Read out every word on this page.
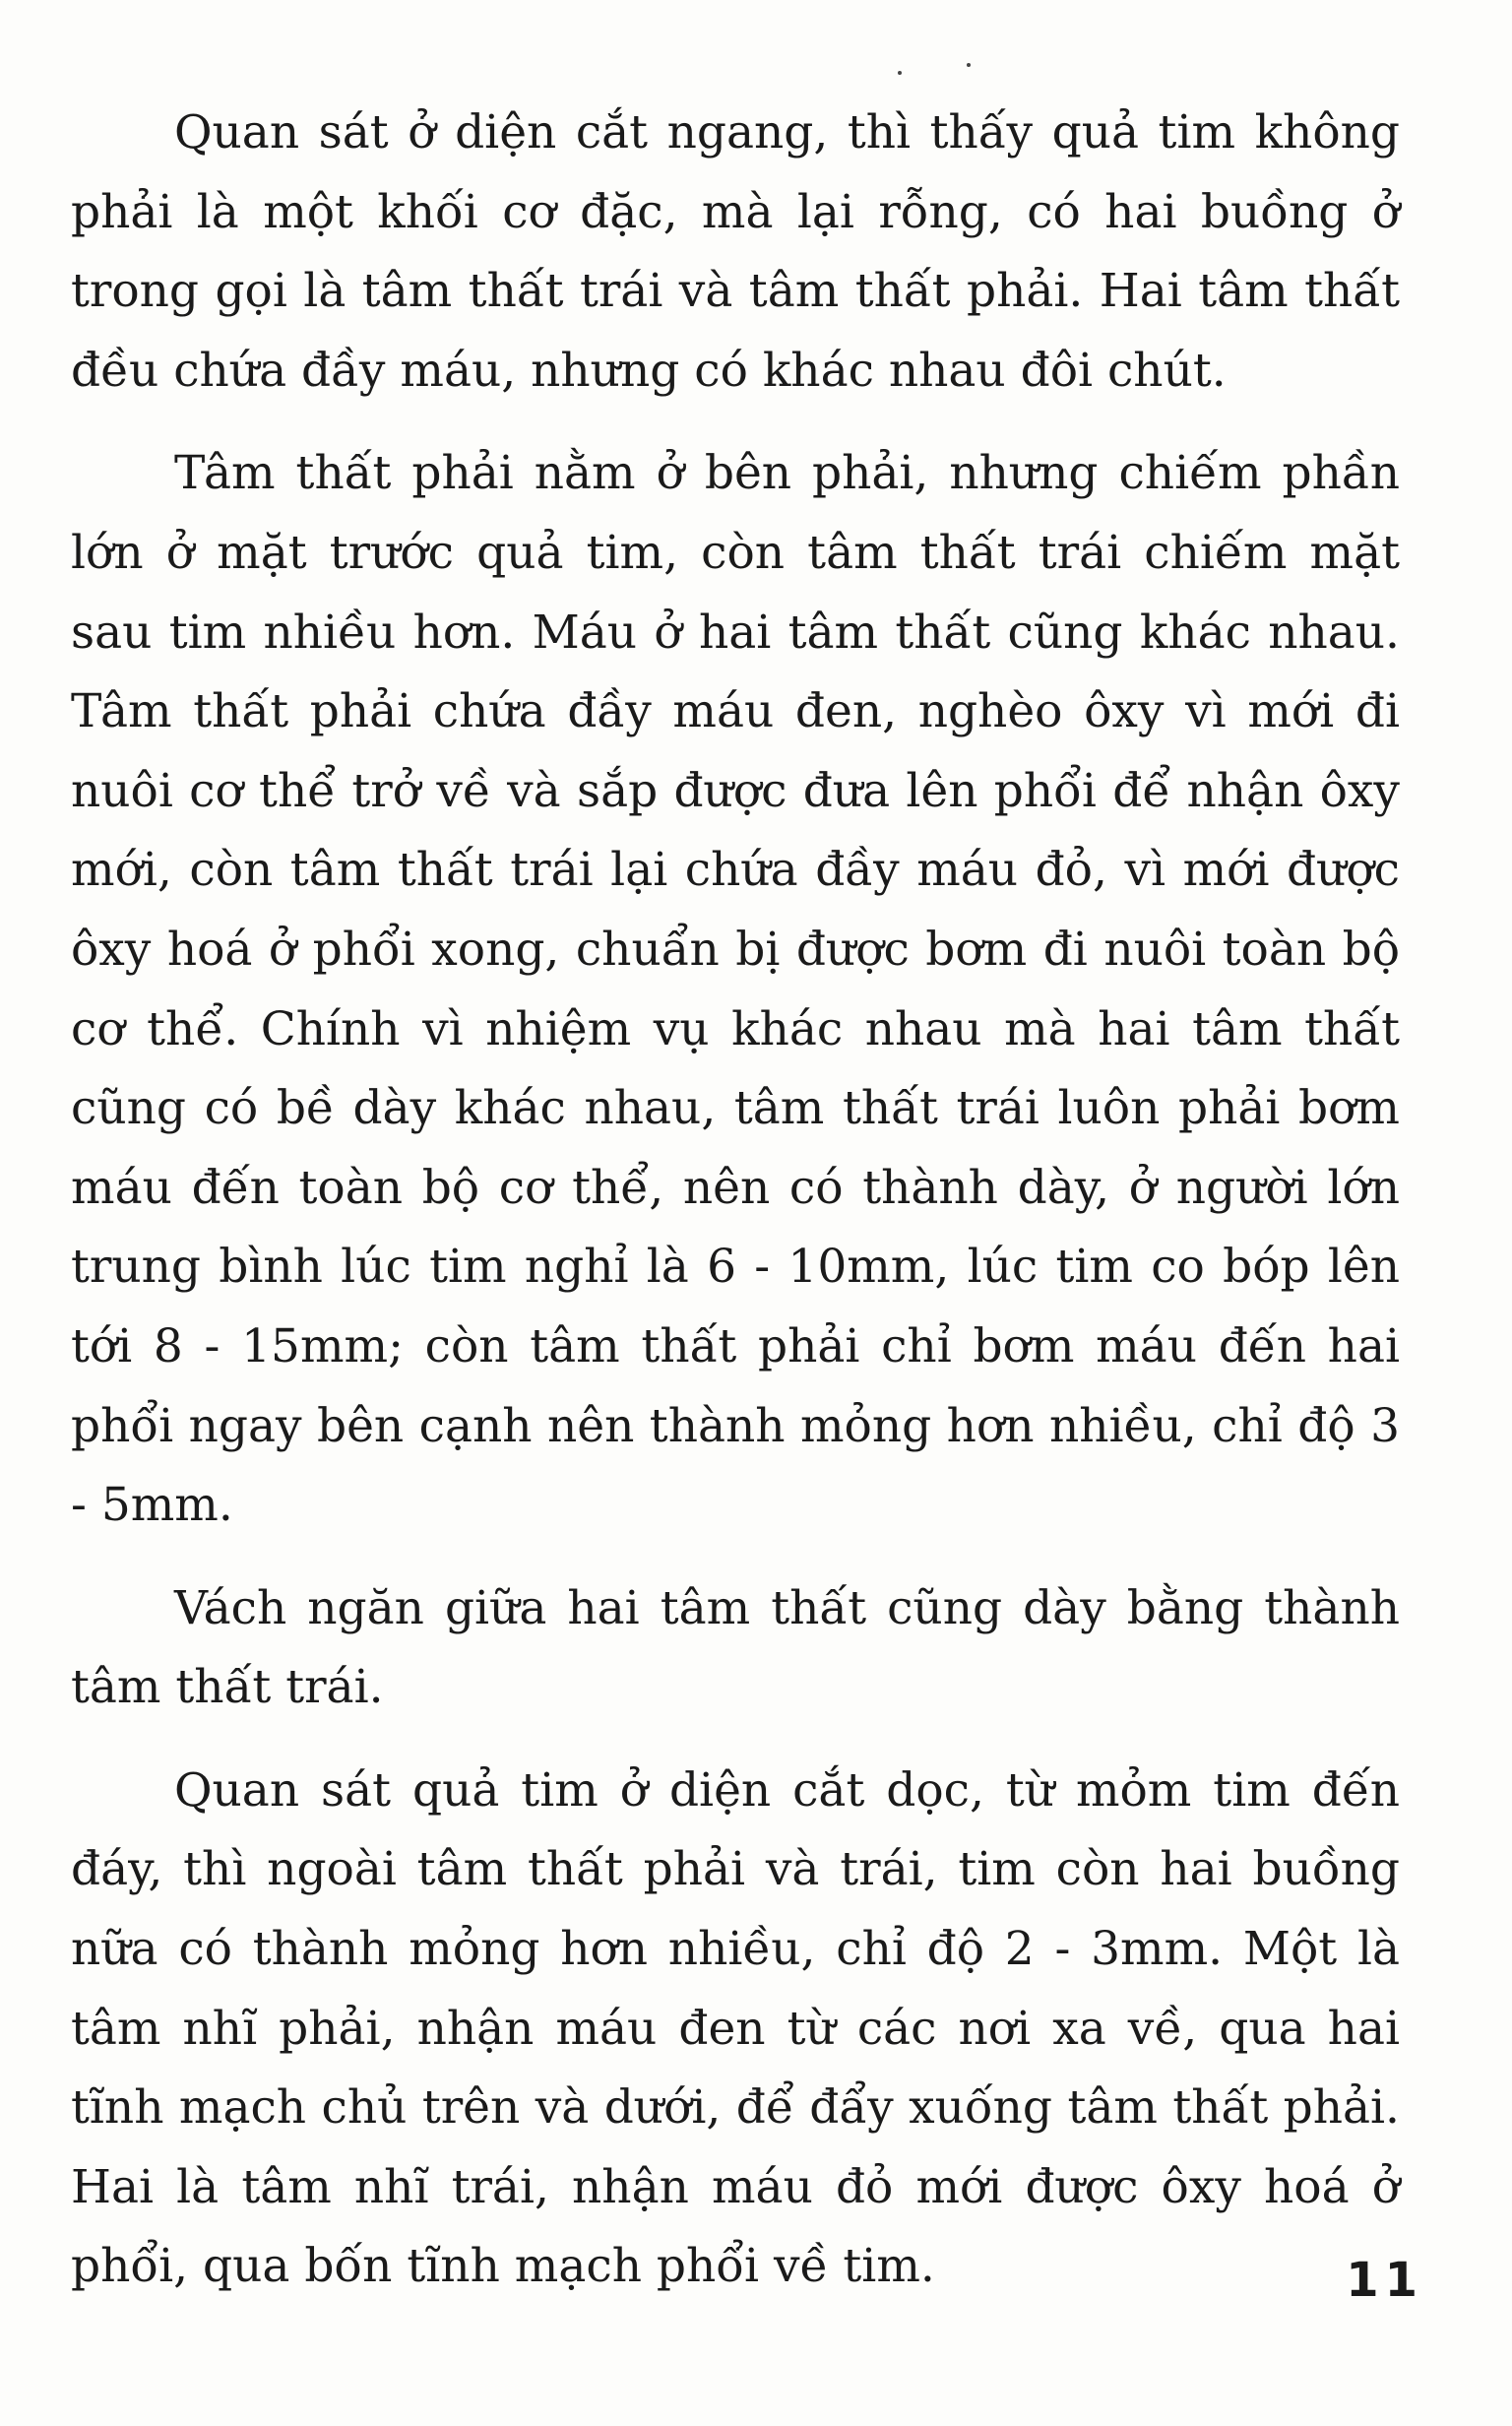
Quan sát ở diện cắt ngang, thì thấy quả tim không phải là một khối cơ đặc, mà lại rỗng, có hai buồng ở trong gọi là tâm thất trái và tâm thất phải. Hai tâm thất đều chứa đầy máu, nhưng có khác nhau đôi chút.

Tâm thất phải nằm ở bên phải, nhưng chiếm phần lớn ở mặt trước quả tim, còn tâm thất trái chiếm mặt sau tim nhiều hơn. Máu ở hai tâm thất cũng khác nhau. Tâm thất phải chứa đầy máu đen, nghèo ôxy vì mới đi nuôi cơ thể trở về và sắp được đưa lên phổi để nhận ôxy mới, còn tâm thất trái lại chứa đầy máu đỏ, vì mới được ôxy hoá ở phổi xong, chuẩn bị được bơm đi nuôi toàn bộ cơ thể. Chính vì nhiệm vụ khác nhau mà hai tâm thất cũng có bề dày khác nhau, tâm thất trái luôn phải bơm máu đến toàn bộ cơ thể, nên có thành dày, ở người lớn trung bình lúc tim nghỉ là 6 - 10mm, lúc tim co bóp lên tới 8 - 15mm; còn tâm thất phải chỉ bơm máu đến hai phổi ngay bên cạnh nên thành mỏng hơn nhiều, chỉ độ 3 - 5mm.

Vách ngăn giữa hai tâm thất cũng dày bằng thành tâm thất trái.

Quan sát quả tim ở diện cắt dọc, từ mỏm tim đến đáy, thì ngoài tâm thất phải và trái, tim còn hai buồng nữa có thành mỏng hơn nhiều, chỉ độ 2 - 3mm. Một là tâm nhĩ phải, nhận máu đen từ các nơi xa về, qua hai tĩnh mạch chủ trên và dưới, để đẩy xuống tâm thất phải. Hai là tâm nhĩ trái, nhận máu đỏ mới được ôxy hoá ở phổi, qua bốn tĩnh mạch phổi về tim.	11
